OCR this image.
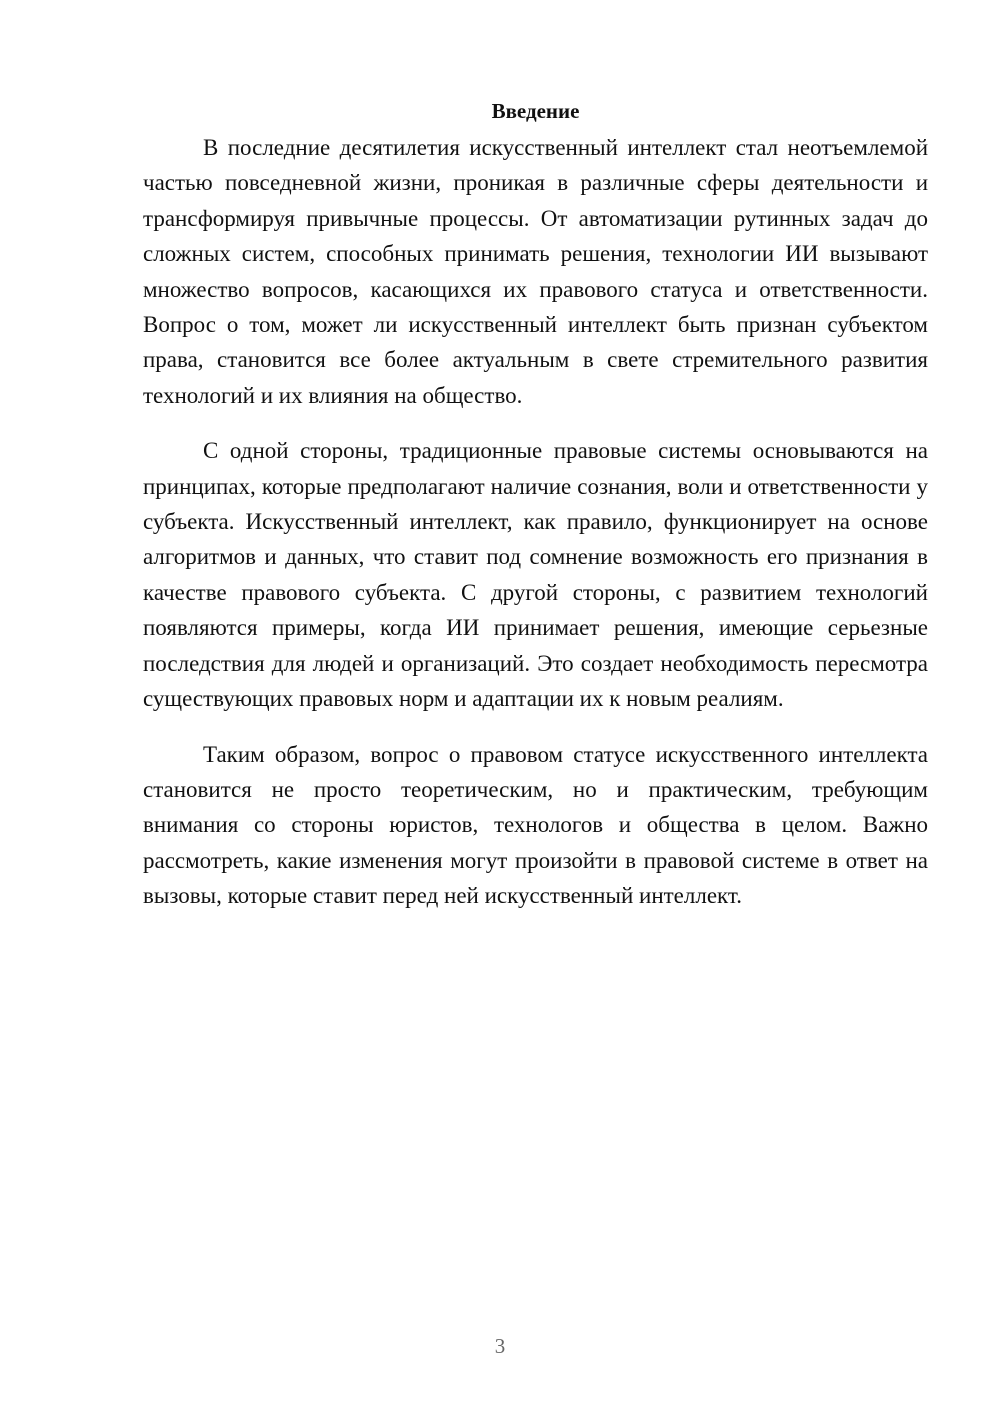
Введение

В последние десятилетия искусственный интеллект стал неотъемлемой частью повседневной жизни, проникая в различные сферы деятельности и трансформируя привычные процессы. От автоматизации рутинных задач до сложных систем, способных принимать решения, технологии ИИ вызывают множество вопросов, касающихся их правового статуса и ответственности. Вопрос о том, может ли искусственный интеллект быть признан субъектом права, становится все более актуальным в свете стремительного развития технологий и их влияния на общество.

С одной стороны, традиционные правовые системы основываются на принципах, которые предполагают наличие сознания, воли и ответственности у субъекта. Искусственный интеллект, как правило, функционирует на основе алгоритмов и данных, что ставит под сомнение возможность его признания в качестве правового субъекта. С другой стороны, с развитием технологий появляются примеры, когда ИИ принимает решения, имеющие серьезные последствия для людей и организаций. Это создает необходимость пересмотра существующих правовых норм и адаптации их к новым реалиям.

Таким образом, вопрос о правовом статусе искусственного интеллекта становится не просто теоретическим, но и практическим, требующим внимания со стороны юристов, технологов и общества в целом. Важно рассмотреть, какие изменения могут произойти в правовой системе в ответ на вызовы, которые ставит перед ней искусственный интеллект.

3
